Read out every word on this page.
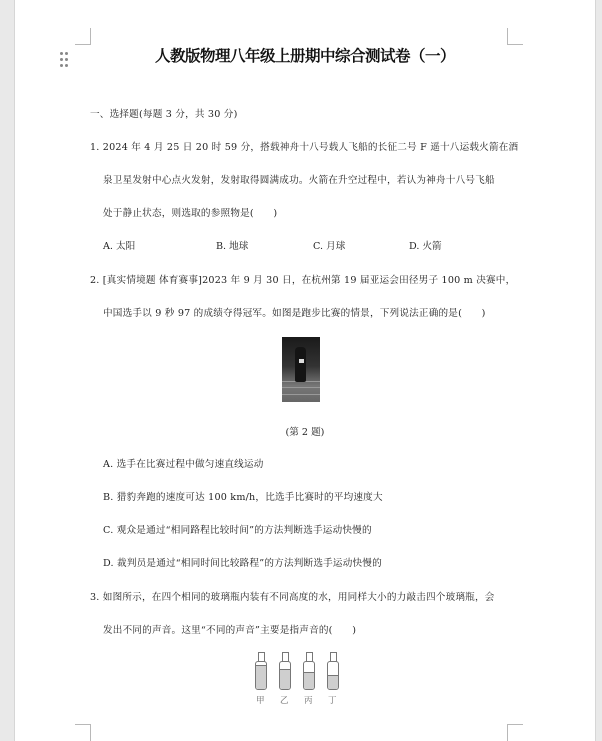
人教版物理八年级上册期中综合测试卷（一）
一、选择题(每题 3 分，共 30 分)
1. 2024 年 4 月 25 日 20 时 59 分，搭载神舟十八号载人飞船的长征二号 F 遥十八运载火箭在酒
泉卫星发射中心点火发射，发射取得圆满成功。火箭在升空过程中，若认为神舟十八号飞船
处于静止状态，则选取的参照物是(　　)
A. 太阳	B. 地球	C. 月球	D. 火箭
2. [真实情境题 体育赛事]2023 年 9 月 30 日，在杭州第 19 届亚运会田径男子 100 m 决赛中，
中国选手以 9 秒 97 的成绩夺得冠军。如图是跑步比赛的情景，下列说法正确的是(　　)
(第 2 题)
A. 选手在比赛过程中做匀速直线运动
B. 猎豹奔跑的速度可达 100 km/h，比选手比赛时的平均速度大
C. 观众是通过“相同路程比较时间”的方法判断选手运动快慢的
D. 裁判员是通过“相同时间比较路程”的方法判断选手运动快慢的
3. 如图所示，在四个相同的玻璃瓶内装有不同高度的水，用同样大小的力敲击四个玻璃瓶，会
发出不同的声音。这里“不同的声音”主要是指声音的(　　)
甲 乙 丙 丁
